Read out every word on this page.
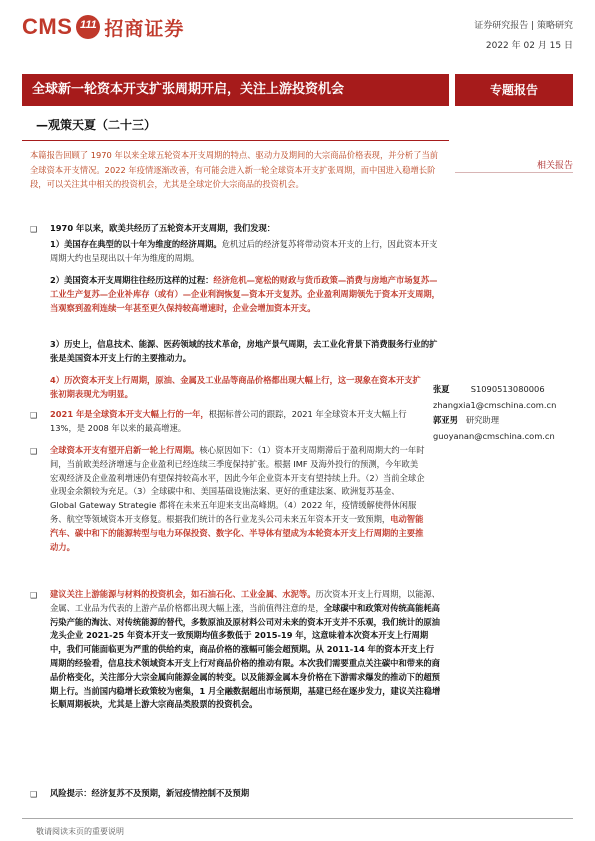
CMS 111 招商证券	证券研究报告 | 策略研究
2022 年 02 月 15 日
全球新一轮资本开支扩张周期开启，关注上游投资机会	专题报告
—观策天夏（二十三）
本篇报告回顾了 1970 年以来全球五轮资本开支周期的特点、驱动力及期间的大宗商品价格表现，并分析了当前全球资本开支情况。2022 年疫情逐渐改善，有可能会进入新一轮全球资本开支扩张周期，而中国进入稳增长阶段，可以关注其中相关的投资机会，尤其是全球定价大宗商品的投资机会。
相关报告
❑
❑
❑
❑
❑
1970 年以来，欧美共经历了五轮资本开支周期，我们发现：
1）美国存在典型的以十年为维度的经济周期。危机过后的经济复苏将带动资本开支的上行，因此资本开支周期大约也呈现出以十年为维度的周期。
2）美国资本开支周期往往经历这样的过程：经济危机—宽松的财政与货币政策—消费与房地产市场复苏—工业生产复苏—企业补库存（或有）—企业利润恢复—资本开支复苏。企业盈利周期领先于资本开支周期，当观察到盈利连续一年甚至更久保持较高增速时，企业会增加资本开支。
3）历史上，信息技术、能源、医药领域的技术革命，房地产景气周期，去工业化背景下消费服务行业的扩张是美国资本开支上行的主要推动力。
4）历次资本开支上行周期，原油、金属及工业品等商品价格都出现大幅上行，这一现象在资本开支扩张初期表现尤为明显。
2021 年是全球资本开支大幅上行的一年，根据标普公司的跟踪，2021 年全球资本开支大幅上行 13%，是 2008 年以来的最高增速。
全球资本开支有望开启新一轮上行周期。核心原因如下：（1）资本开支周期滞后于盈利周期大约一年时间，当前欧美经济增速与企业盈利已经连续三季度保持扩张。根据 IMF 及海外投行的预测，今年欧美宏观经济及企业盈利增速仍有望保持较高水平，因此今年企业资本开支有望持续上升。（2）当前全球企业现金余额较为充足。（3）全球碳中和、美国基础设施法案、更好的重建法案、欧洲复苏基金、Global Gateway Strategie 都将在未来五年迎来支出高峰期。（4）2022 年，疫情缓解使得休闲服务、航空等领域资本开支修复。根据我们统计的各行业龙头公司未来五年资本开支一致预期，电动智能汽车、碳中和下的能源转型与电力环保投资、数字化、半导体有望成为本轮资本开支上行周期的主要推动力。
建议关注上游能源与材料的投资机会，如石油石化、工业金属、水泥等。历次资本开支上行周期，以能源、金属、工业品为代表的上游产品价格都出现大幅上涨，当前值得注意的是，全球碳中和政策对传统高能耗高污染产能的淘汰、对传统能源的替代，多数原油及原材料公司对未来的资本开支并不乐观，我们统计的原油龙头企业 2021-25 年资本开支一致预期均值多数低于 2015-19 年，这意味着本次资本开支上行周期中，我们可能面临更为严重的供给约束，商品价格的涨幅可能会超预期。从 2011-14 年的资本开支上行周期的经验看，信息技术领域资本开支上行对商品价格的推动有限。本次我们需要重点关注碳中和带来的商品价格变化，关注部分大宗金属向能源金属的转变。以及能源金属本身价格在下游需求爆发的推动下的超预期上行。当前国内稳增长政策较为密集，1 月全融数据超出市场预期，基建已经在逐步发力，建议关注稳增长顺周期板块，尤其是上游大宗商品类股票的投资机会。
风险提示：经济复苏不及预期，新冠疫情控制不及预期
张夏	S1090513080006
zhangxia1@cmschina.com.cn
郭亚男 研究助理
guoyanan@cmschina.com.cn
敬请阅读末页的重要说明
